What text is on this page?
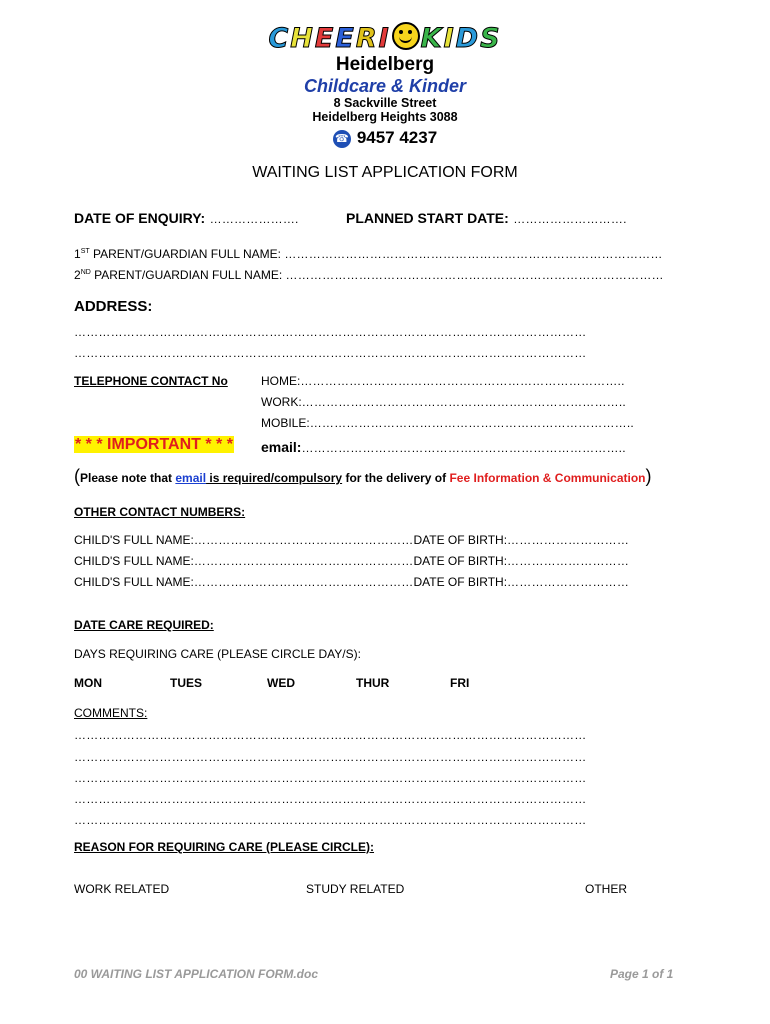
CHEERI KIDS
Heidelberg
Childcare & Kinder
8 Sackville Street
Heidelberg Heights 3088
☎ 9457 4237
WAITING LIST APPLICATION FORM
DATE OF ENQUIRY: ………………….	PLANNED START DATE: ……………………….
1ST PARENT/GUARDIAN FULL NAME: …………………………………………………………………………………
2ND PARENT/GUARDIAN FULL NAME: …………………………………………………………………………………
ADDRESS:
………………………………………………………………………………………………………………
………………………………………………………………………………………………………………
TELEPHONE CONTACT No	HOME:……………………………………………………………………..
WORK:……………………………………………………………………..
MOBILE:……………………………………………………………………..
* * * IMPORTANT * * * email:……………………………………………………………………..
(Please note that email is required/compulsory for the delivery of Fee Information & Communication)
OTHER CONTACT NUMBERS:
CHILD'S FULL NAME:………………………………………………DATE OF BIRTH:…………………………
CHILD'S FULL NAME:………………………………………………DATE OF BIRTH:…………………………
CHILD'S FULL NAME:………………………………………………DATE OF BIRTH:…………………………
DATE CARE REQUIRED:
DAYS REQUIRING CARE (PLEASE CIRCLE DAY/S):
MON	TUES	WED	THUR	FRI
COMMENTS:
………………………………………………………………………………………………………………
………………………………………………………………………………………………………………
………………………………………………………………………………………………………………
………………………………………………………………………………………………………………
………………………………………………………………………………………………………………
REASON FOR REQUIRING CARE (PLEASE CIRCLE):
WORK RELATED	STUDY RELATED	OTHER
00 WAITING LIST APPLICATION FORM.doc	Page 1 of 1
